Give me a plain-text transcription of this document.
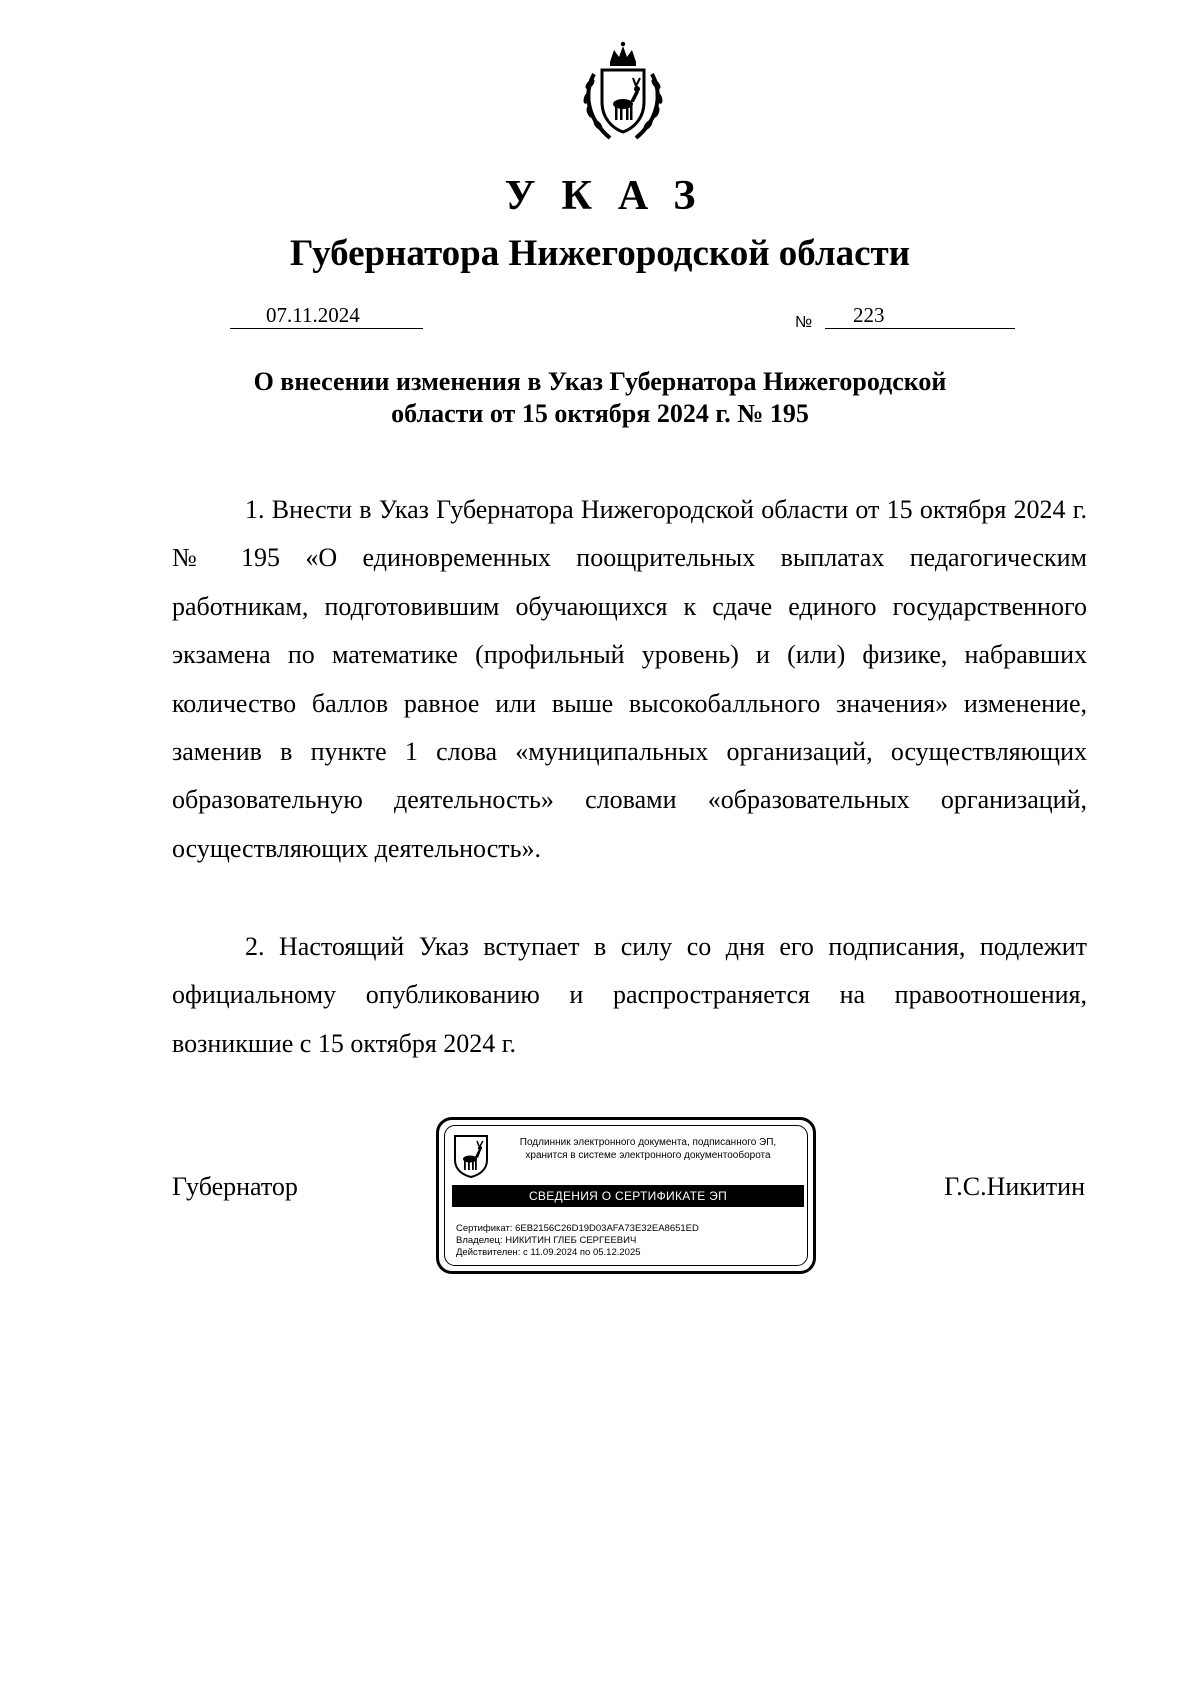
УКАЗ
Губернатора Нижегородской области
07.11.2024	№	223
О внесении изменения в Указ Губернатора Нижегородской
области от 15 октября 2024 г. № 195

1. Внести в Указ Губернатора Нижегородской области от 15 октября 2024 г. № 195 «О единовременных поощрительных выплатах педагогическим работникам, подготовившим обучающихся к сдаче единого государственного экзамена по математике (профильный уровень) и (или) физике, набравших количество баллов равное или выше высокобалльного значения» изменение, заменив в пункте 1 слова «муниципальных организаций, осуществляющих образовательную деятельность» словами «образовательных организаций, осуществляющих деятельность».

2. Настоящий Указ вступает в силу со дня его подписания, подлежит официальному опубликованию и распространяется на правоотношения, возникшие с 15 октября 2024 г.

Губернатор
Подлинник электронного документа, подписанного ЭП,
хранится в системе электронного документооборота
СВЕДЕНИЯ О СЕРТИФИКАТЕ ЭП
Сертификат: 6EB2156C26D19D03AFA73E32EA8651ED
Владелец: НИКИТИН ГЛЕБ СЕРГЕЕВИЧ
Действителен: с 11.09.2024 по 05.12.2025
Г.С.Никитин
